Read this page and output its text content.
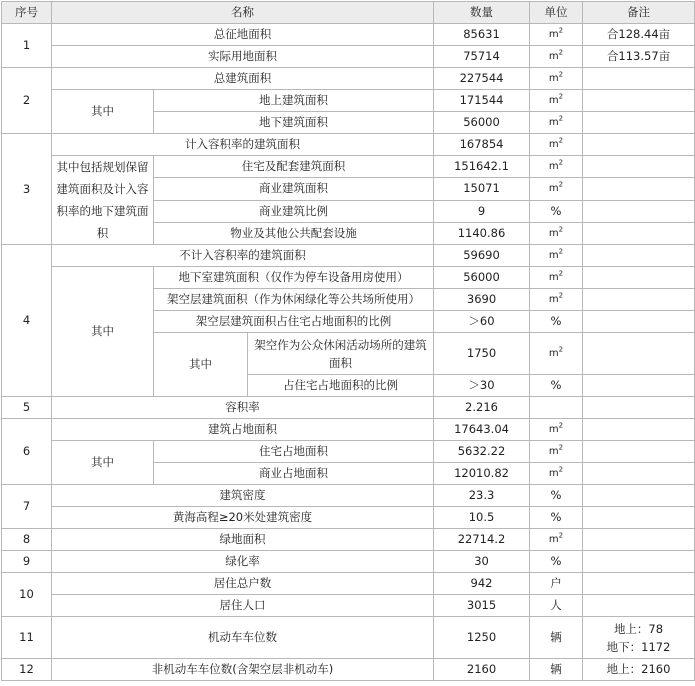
序号	名称			数量	单位	备注
1	总征地面积			85631	$m^2$	合128.44亩
	实际用地面积			75714	$m^2$	合113.57亩
2	总建筑面积			227544	$m^2$	
	其中	地上建筑面积		171544	$m^2$	
		地下建筑面积		56000	$m^2$	
3	计入容积率的建筑面积			167854	$m^2$	
	其中包括规划保留建筑面积及计入容积率的地下建筑面积	住宅及配套建筑面积		151642.1	$m^2$	
		商业建筑面积		15071	$m^2$	
		商业建筑比例		9	%	
		物业及其他公共配套设施		1140.86	$m^2$	
4	不计入容积率的建筑面积			59690	$m^2$	
	其中	地下室建筑面积（仅作为停车设备用房使用）		56000	$m^2$	
		架空层建筑面积（作为休闲绿化等公共场所使用）		3690	$m^2$	
		架空层建筑面积占住宅占地面积的比例		＞60	%	
		其中	架空作为公众休闲活动场所的建筑面积	1750	$m^2$	
			占住宅占地面积的比例	＞30	%	
5	容积率			2.216		
6	建筑占地面积			17643.04	$m^2$	
	其中	住宅占地面积		5632.22	$m^2$	
		商业占地面积		12010.82	$m^2$	
7	建筑密度			23.3	%	
	黄海高程≥20米处建筑密度			10.5	%	
8	绿地面积			22714.2	$m^2$	
9	绿化率			30	%	
10	居住总户数			942	户	
	居住人口			3015	人	
11	机动车车位数			1250	辆	地上：78
地下：1172

12	非机动车车位数(含架空层非机动车)			2160	辆	地上：2160
